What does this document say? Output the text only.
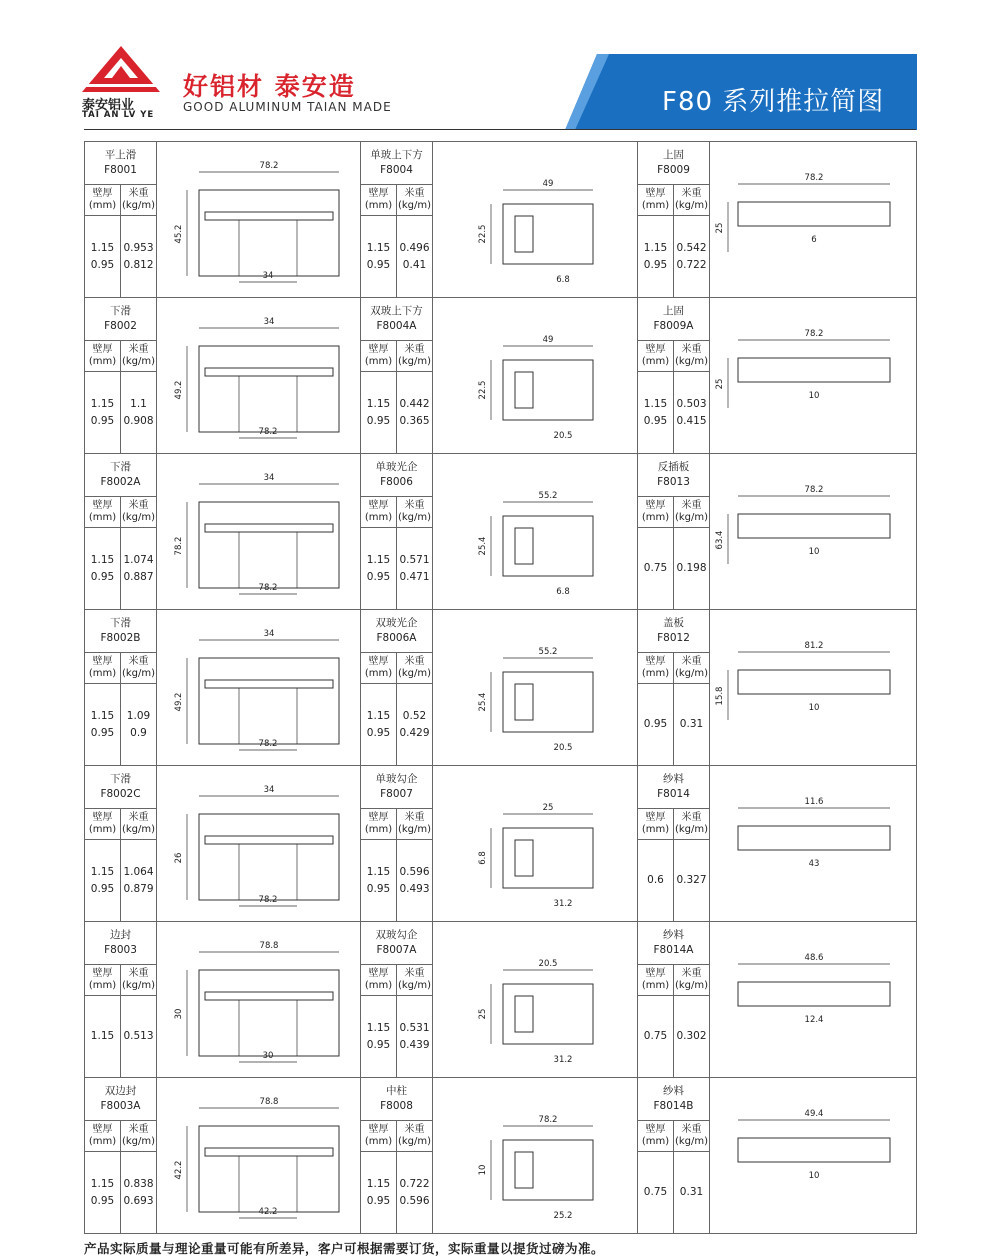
泰安铝业
TAI AN LV YE
好铝材 泰安造
GOOD ALUMINUM TAIAN MADE	F80 系列推拉简图
平上滑
F8001
壁厚
(mm)
米重
(kg/m)
1.15
0.95
0.953
0.812
78.2
45.2
34
单玻上下方
F8004
壁厚
(mm)
米重
(kg/m)
1.15
0.95
0.496
0.41
49
22.5
6.8
上固
F8009
壁厚
(mm)
米重
(kg/m)
1.15
0.95
0.542
0.722
78.2
6
25
下滑
F8002
壁厚
(mm)
米重
(kg/m)
1.15
0.95
1.1
0.908
34
49.2
78.2
双玻上下方
F8004A
壁厚
(mm)
米重
(kg/m)
1.15
0.95
0.442
0.365
49
22.5
20.5
上固
F8009A
壁厚
(mm)
米重
(kg/m)
1.15
0.95
0.503
0.415
78.2
10
25
下滑
F8002A
壁厚
(mm)
米重
(kg/m)
1.15
0.95
1.074
0.887
34
78.2
78.2
单玻光企
F8006
壁厚
(mm)
米重
(kg/m)
1.15
0.95
0.571
0.471
55.2
25.4
6.8
反插板
F8013
壁厚
(mm)
米重
(kg/m)
0.75 0.198
78.2
10
63.4
下滑
F8002B
壁厚
(mm)
米重
(kg/m)
1.15
0.95
1.09
0.9
34
49.2
78.2
双玻光企
F8006A
壁厚
(mm)
米重
(kg/m)
1.15
0.95
0.52
0.429
55.2
25.4
20.5
盖板
F8012
壁厚
(mm)
米重
(kg/m)
0.95 0.31
81.2
10
15.8
下滑
F8002C
壁厚
(mm)
米重
(kg/m)
1.15
0.95
1.064
0.879
34
26
78.2
单玻勾企
F8007
壁厚
(mm)
米重
(kg/m)
1.15
0.95
0.596
0.493
25
6.8
31.2
纱料
F8014
壁厚
(mm)
米重
(kg/m)
0.6 0.327
11.6
43
边封
F8003
壁厚
(mm)
米重
(kg/m)
1.15 0.513
78.8
30
30
双玻勾企
F8007A
壁厚
(mm)
米重
(kg/m)
1.15
0.95
0.531
0.439
20.5
25
31.2
纱料
F8014A
壁厚
(mm)
米重
(kg/m)
0.75 0.302
48.6
12.4
双边封
F8003A
壁厚
(mm)
米重
(kg/m)
1.15
0.95
0.838
0.693
78.8
42.2
42.2
中柱
F8008
壁厚
(mm)
米重
(kg/m)
1.15
0.95
0.722
0.596
78.2
10
25.2
纱料
F8014B
壁厚
(mm)
米重
(kg/m)
0.75 0.31
49.4
10
产品实际质量与理论重量可能有所差异，客户可根据需要订货，实际重量以提货过磅为准。
